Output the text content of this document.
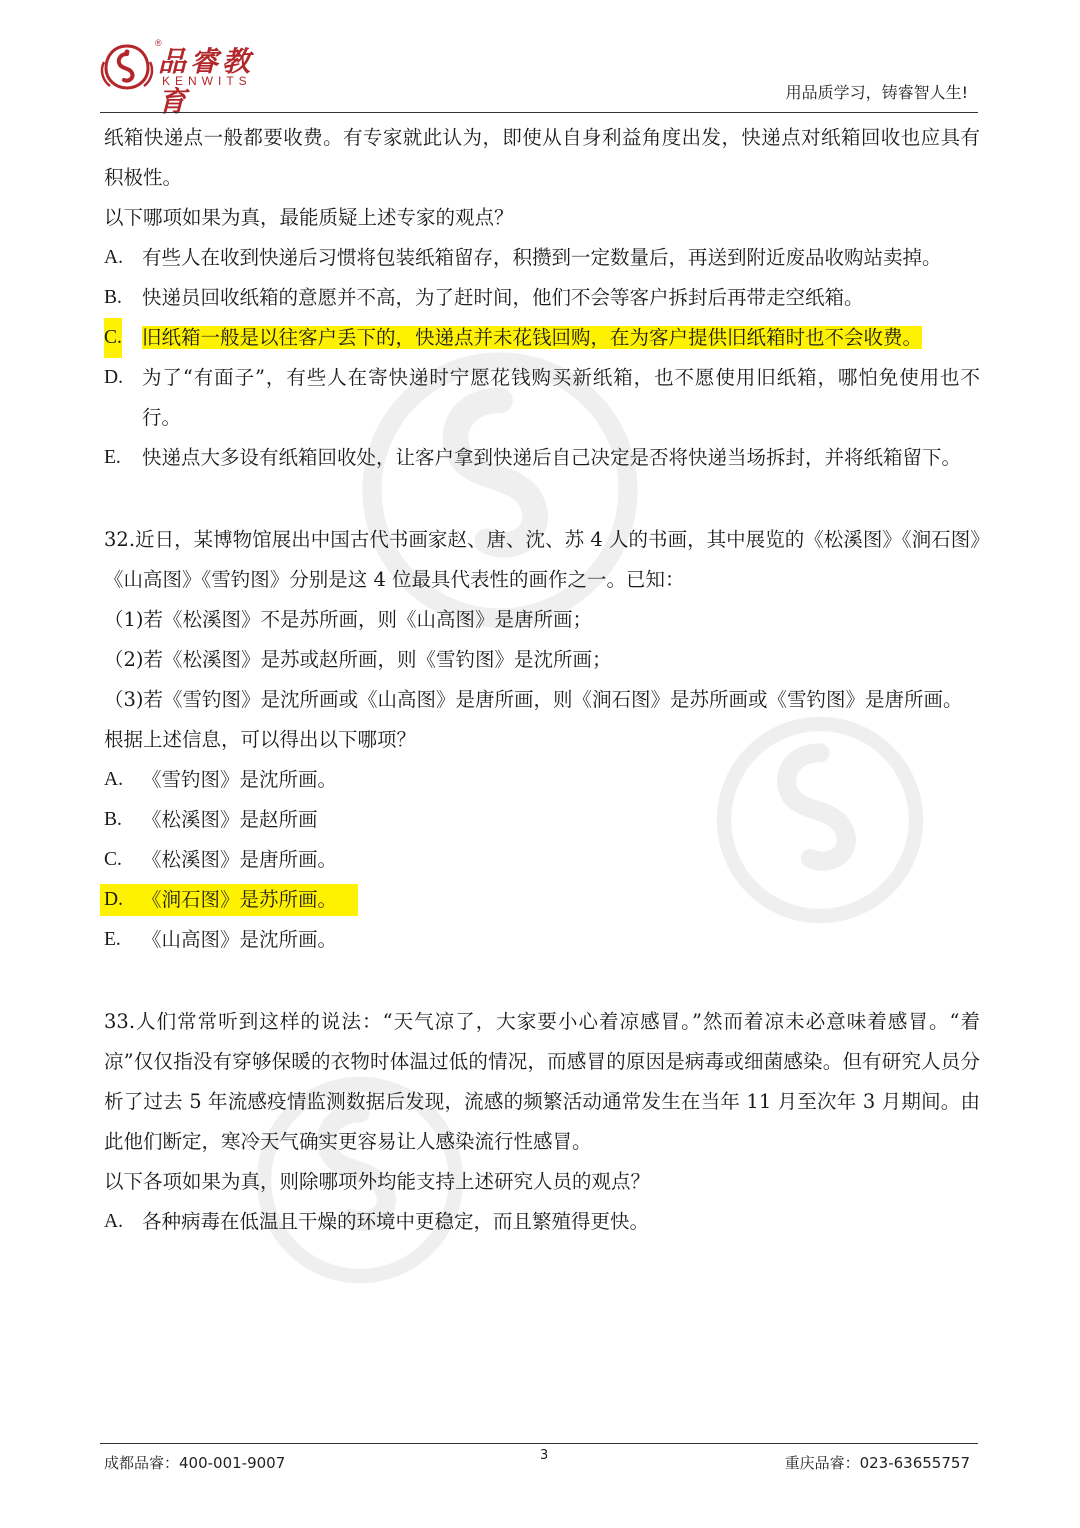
®
品睿教育
KENWITS
用品质学习，铸睿智人生!

纸箱快递点一般都要收费。有专家就此认为，即使从自身利益角度出发，快递点对纸箱回收也应具有积极性。

以下哪项如果为真，最能质疑上述专家的观点？

A. 有些人在收到快递后习惯将包装纸箱留存，积攒到一定数量后，再送到附近废品收购站卖掉。

B. 快递员回收纸箱的意愿并不高，为了赶时间，他们不会等客户拆封后再带走空纸箱。

C. 旧纸箱一般是以往客户丢下的，快递点并未花钱回购，在为客户提供旧纸箱时也不会收费。

D. 为了“有面子”，有些人在寄快递时宁愿花钱购买新纸箱，也不愿使用旧纸箱，哪怕免使用也不行。

E. 快递点大多设有纸箱回收处，让客户拿到快递后自己决定是否将快递当场拆封，并将纸箱留下。

32.近日，某博物馆展出中国古代书画家赵、唐、沈、苏 4 人的书画，其中展览的《松溪图》《涧石图》《山高图》《雪钓图》分别是这 4 位最具代表性的画作之一。已知：

（1)若《松溪图》不是苏所画，则《山高图》是唐所画；

（2)若《松溪图》是苏或赵所画，则《雪钓图》是沈所画；

（3)若《雪钓图》是沈所画或《山高图》是唐所画，则《涧石图》是苏所画或《雪钓图》是唐所画。

根据上述信息，可以得出以下哪项？

A. 《雪钓图》是沈所画。

B. 《松溪图》是赵所画

C. 《松溪图》是唐所画。

D. 《涧石图》是苏所画。

E. 《山高图》是沈所画。

33.人们常常听到这样的说法：“天气凉了，大家要小心着凉感冒。”然而着凉未必意味着感冒。“着凉”仅仅指没有穿够保暖的衣物时体温过低的情况，而感冒的原因是病毒或细菌感染。但有研究人员分析了过去 5 年流感疫情监测数据后发现，流感的频繁活动通常发生在当年 11 月至次年 3 月期间。由此他们断定，寒冷天气确实更容易让人感染流行性感冒。

以下各项如果为真，则除哪项外均能支持上述研究人员的观点？

A. 各种病毒在低温且干燥的环境中更稳定，而且繁殖得更快。

成都品睿：400-001-9007	3	重庆品睿：023-63655757
